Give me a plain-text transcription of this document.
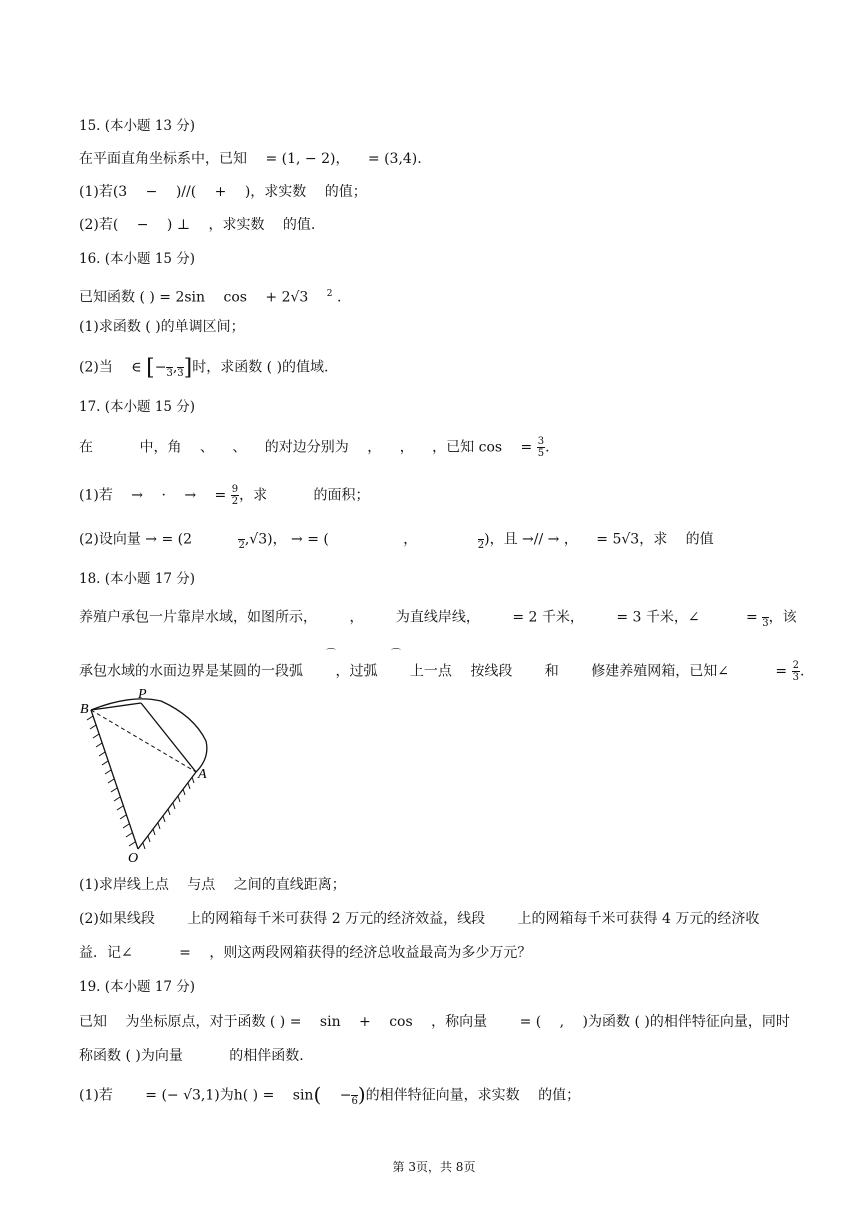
15. (本小题 13 分)
在平面直角坐标系中，已知 　= (1, − 2)， 　= (3,4).
(1)若(3 　− 　)//( 　+ 　)，求实数 　的值；
(2)若( 　− 　) ⊥ 　，求实数 　的值.
16. (本小题 15 分)
已知函数 ( ) = 2sin 　cos 　+ 2√3 　$^2$ .
(1)求函数 ( )的单调区间；
(2)当 　∈ [−
3 ,
3 ]时，求函数 ( )的值域.
17. (本小题 15 分)
在 　　　中，角 　、 　、 　的对边分别为 　， 　， 　，已知 cos 　= $\frac{3}{5}$ .
(1)若 　→ 　· 　→ 　= $\frac{9}{2}$ ，求 　　　的面积；
(2)设向量 → = (2 　　　
2 ,√3)， → = ( 　　　　　， 　　　　
2 )，且 →// → ， 　= 5√3，求 　的值
18. (本小题 17 分)
养殖户承包一片靠岸水域，如图所示， 　　， 　　为直线岸线， 　　= 2 千米， 　　= 3 千米，∠ 　　　=
3 ，该
⌒	⌒
承包水域的水面边界是某圆的一段弧 　　，过弧 　　上一点 　按线段 　　和 　　修建养殖网箱，已知∠ 　　　= $\frac{2}{3}$ .
B
P
A
O
(1)求岸线上点 　与点 　之间的直线距离；
(2)如果线段 　　上的网箱每千米可获得 2 万元的经济效益，线段 　　上的网箱每千米可获得 4 万元的经济收
益．记∠ 　　　= 　，则这两段网箱获得的经济总收益最高为多少万元？
19. (本小题 17 分)
已知 　为坐标原点，对于函数 ( ) = 　sin 　+ 　cos 　，称向量 　　= ( 　, 　)为函数 ( )的相伴特征向量，同时
称函数 ( )为向量 　　　的相伴函数.
(1)若 　　= (− √3,1)为h( ) = 　sin( 　−
6 )的相伴特征向量，求实数 　的值；
第 3页，共 8页
